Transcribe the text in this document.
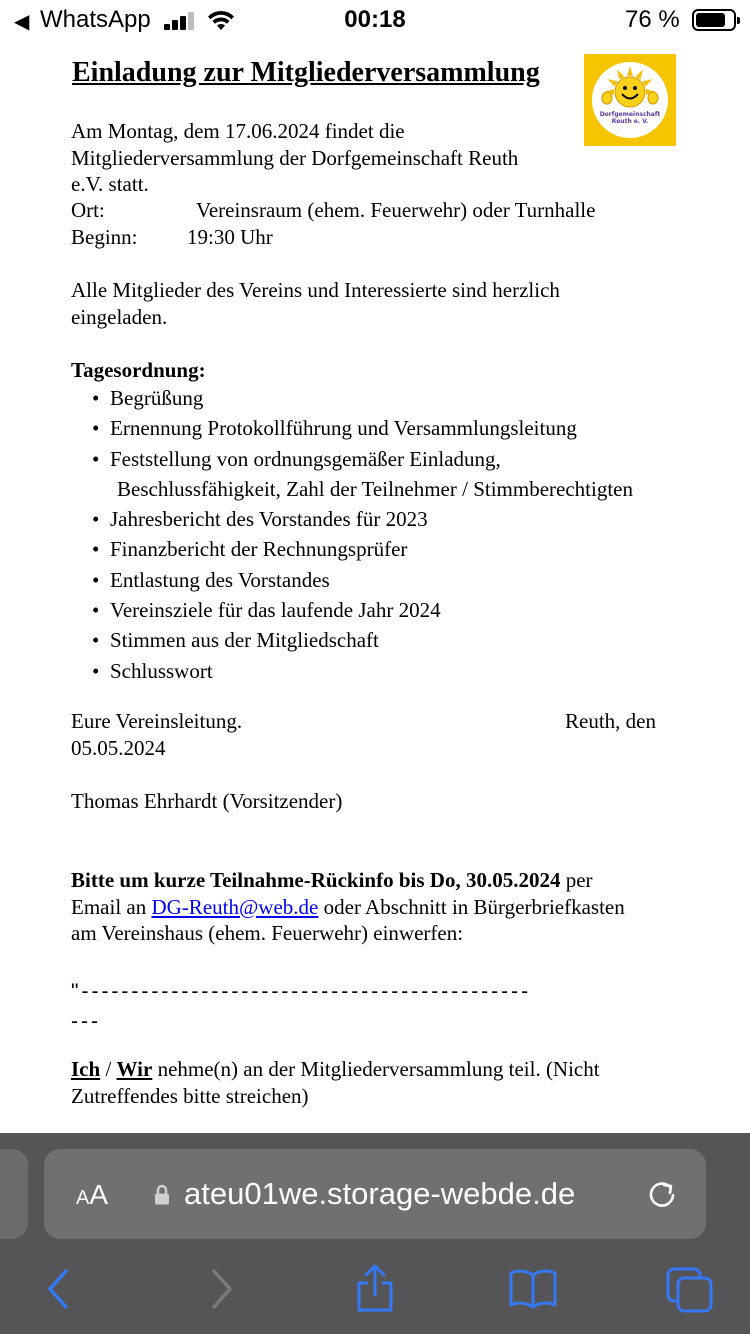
◀ WhatsApp	00:18	76 %
Einladung zur Mitgliederversammlung
Dorfgemeinschaft
Reuth e. V.
Am Montag, dem 17.06.2024 findet die
Mitgliederversammlung der Dorfgemeinschaft Reuth
e.V. statt.
Ort:	Vereinsraum (ehem. Feuerwehr) oder Turnhalle
Beginn: 19:30 Uhr
Alle Mitglieder des Vereins und Interessierte sind herzlich
eingeladen.
Tagesordnung:
• Begrüßung
• Ernennung Protokollführung und Versammlungsleitung
• Feststellung von ordnungsgemäßer Einladung,
Beschlussfähigkeit, Zahl der Teilnehmer / Stimmberechtigten
• Jahresbericht des Vorstandes für 2023
• Finanzbericht der Rechnungsprüfer
• Entlastung des Vorstandes
• Vereinsziele für das laufende Jahr 2024
• Stimmen aus der Mitgliedschaft
• Schlusswort
Eure Vereinsleitung.	Reuth, den
05.05.2024
Thomas Ehrhardt (Vorsitzender)
Bitte um kurze Teilnahme-Rückinfo bis Do, 30.05.2024 per
Email an DG-Reuth@web.de oder Abschnitt in Bürgerbriefkasten
am Vereinshaus (ehem. Feuerwehr) einwerfen:
"---------------------------------------------
---
Ich / Wir nehme(n) an der Mitgliederversammlung teil. (Nicht
Zutreffendes bitte streichen)
AA ateu01we.storage-webde.de
